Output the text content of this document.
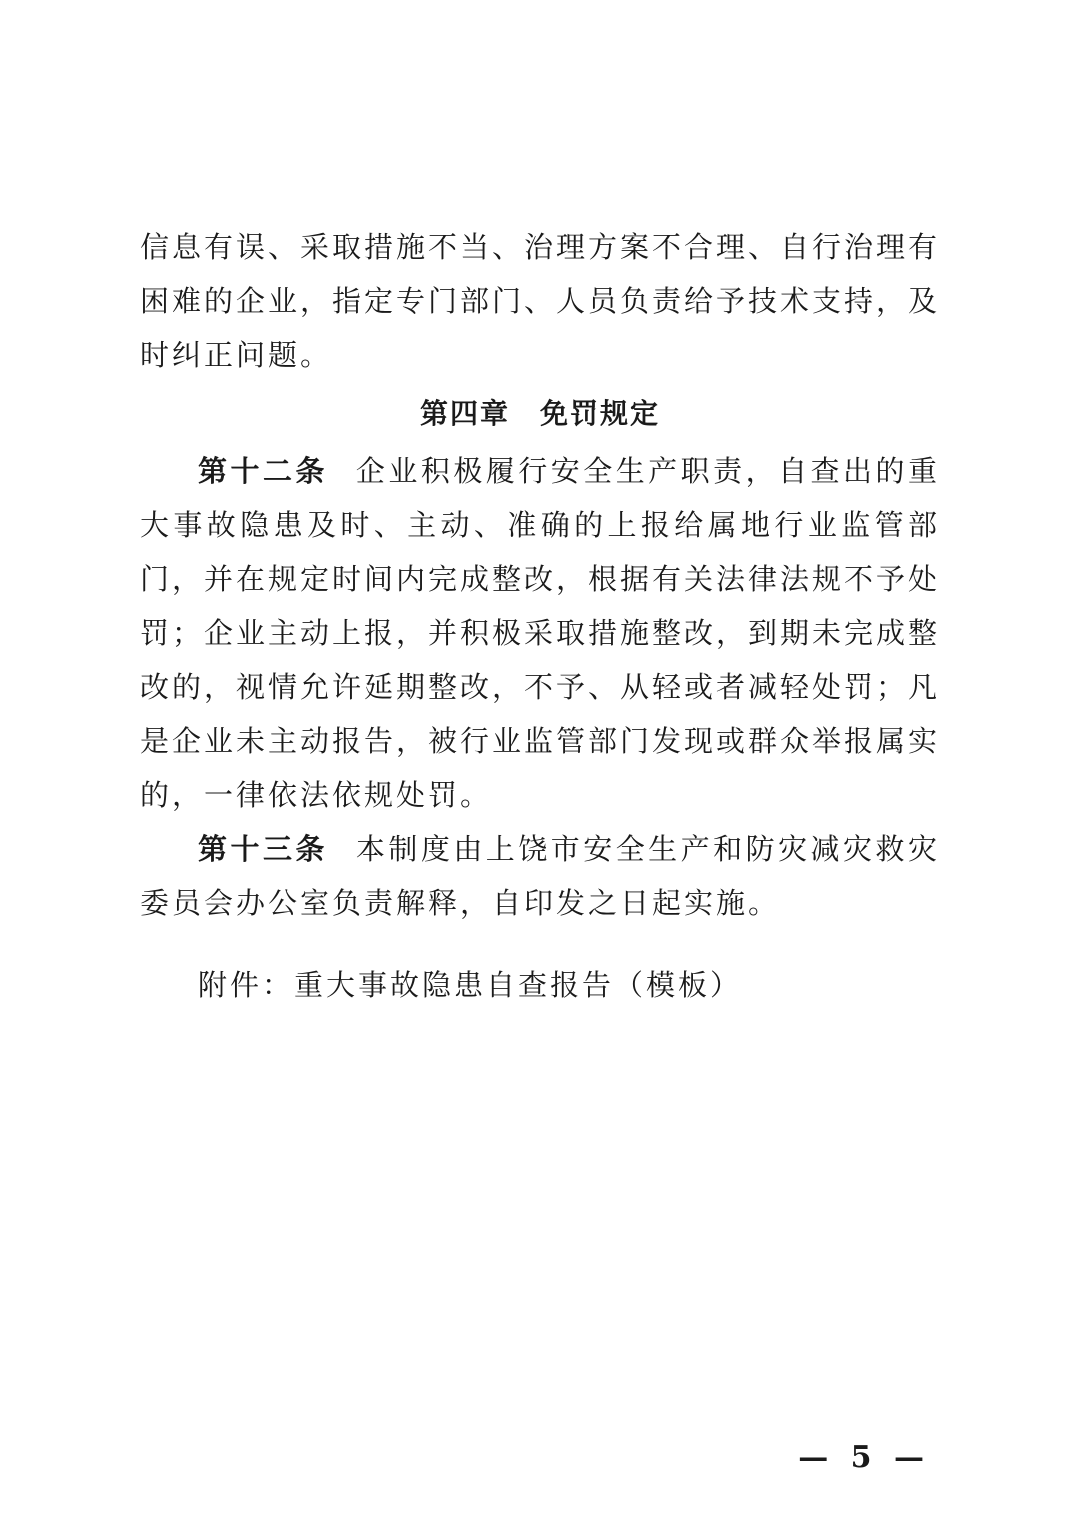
信息有误、采取措施不当、治理方案不合理、自行治理有困难的企业，指定专门部门、人员负责给予技术支持，及时纠正问题。

第四章　免罚规定

第十二条 企业积极履行安全生产职责，自查出的重大事故隐患及时、主动、准确的上报给属地行业监管部门，并在规定时间内完成整改，根据有关法律法规不予处罚；企业主动上报，并积极采取措施整改，到期未完成整改的，视情允许延期整改，不予、从轻或者减轻处罚；凡是企业未主动报告，被行业监管部门发现或群众举报属实的，一律依法依规处罚。

第十三条 本制度由上饶市安全生产和防灾减灾救灾委员会办公室负责解释，自印发之日起实施。

附件：重大事故隐患自查报告（模板）

— 5 —
